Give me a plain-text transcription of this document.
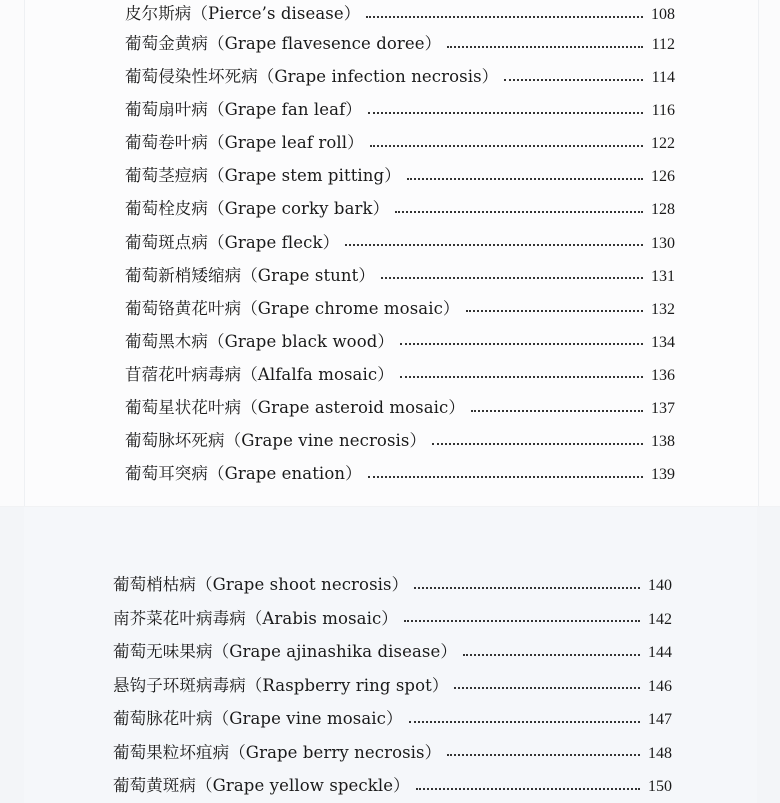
皮尔斯病（Pierce’s disease）	108
葡萄金黄病（Grape flavesence doree）	112
葡萄侵染性坏死病（Grape infection necrosis）	114
葡萄扇叶病（Grape fan leaf）	116
葡萄卷叶病（Grape leaf roll）	122
葡萄茎痘病（Grape stem pitting）	126
葡萄栓皮病（Grape corky bark）	128
葡萄斑点病（Grape fleck）	130
葡萄新梢矮缩病（Grape stunt）	131
葡萄铬黄花叶病（Grape chrome mosaic）	132
葡萄黑木病（Grape black wood）	134
苜蓿花叶病毒病（Alfalfa mosaic）	136
葡萄星状花叶病（Grape asteroid mosaic）	137
葡萄脉坏死病（Grape vine necrosis）	138
葡萄耳突病（Grape enation）	139
葡萄梢枯病（Grape shoot necrosis）	140
南芥菜花叶病毒病（Arabis mosaic）	142
葡萄无味果病（Grape ajinashika disease）	144
悬钩子环斑病毒病（Raspberry ring spot）	146
葡萄脉花叶病（Grape vine mosaic）	147
葡萄果粒坏疽病（Grape berry necrosis）	148
葡萄黄斑病（Grape yellow speckle）	150
